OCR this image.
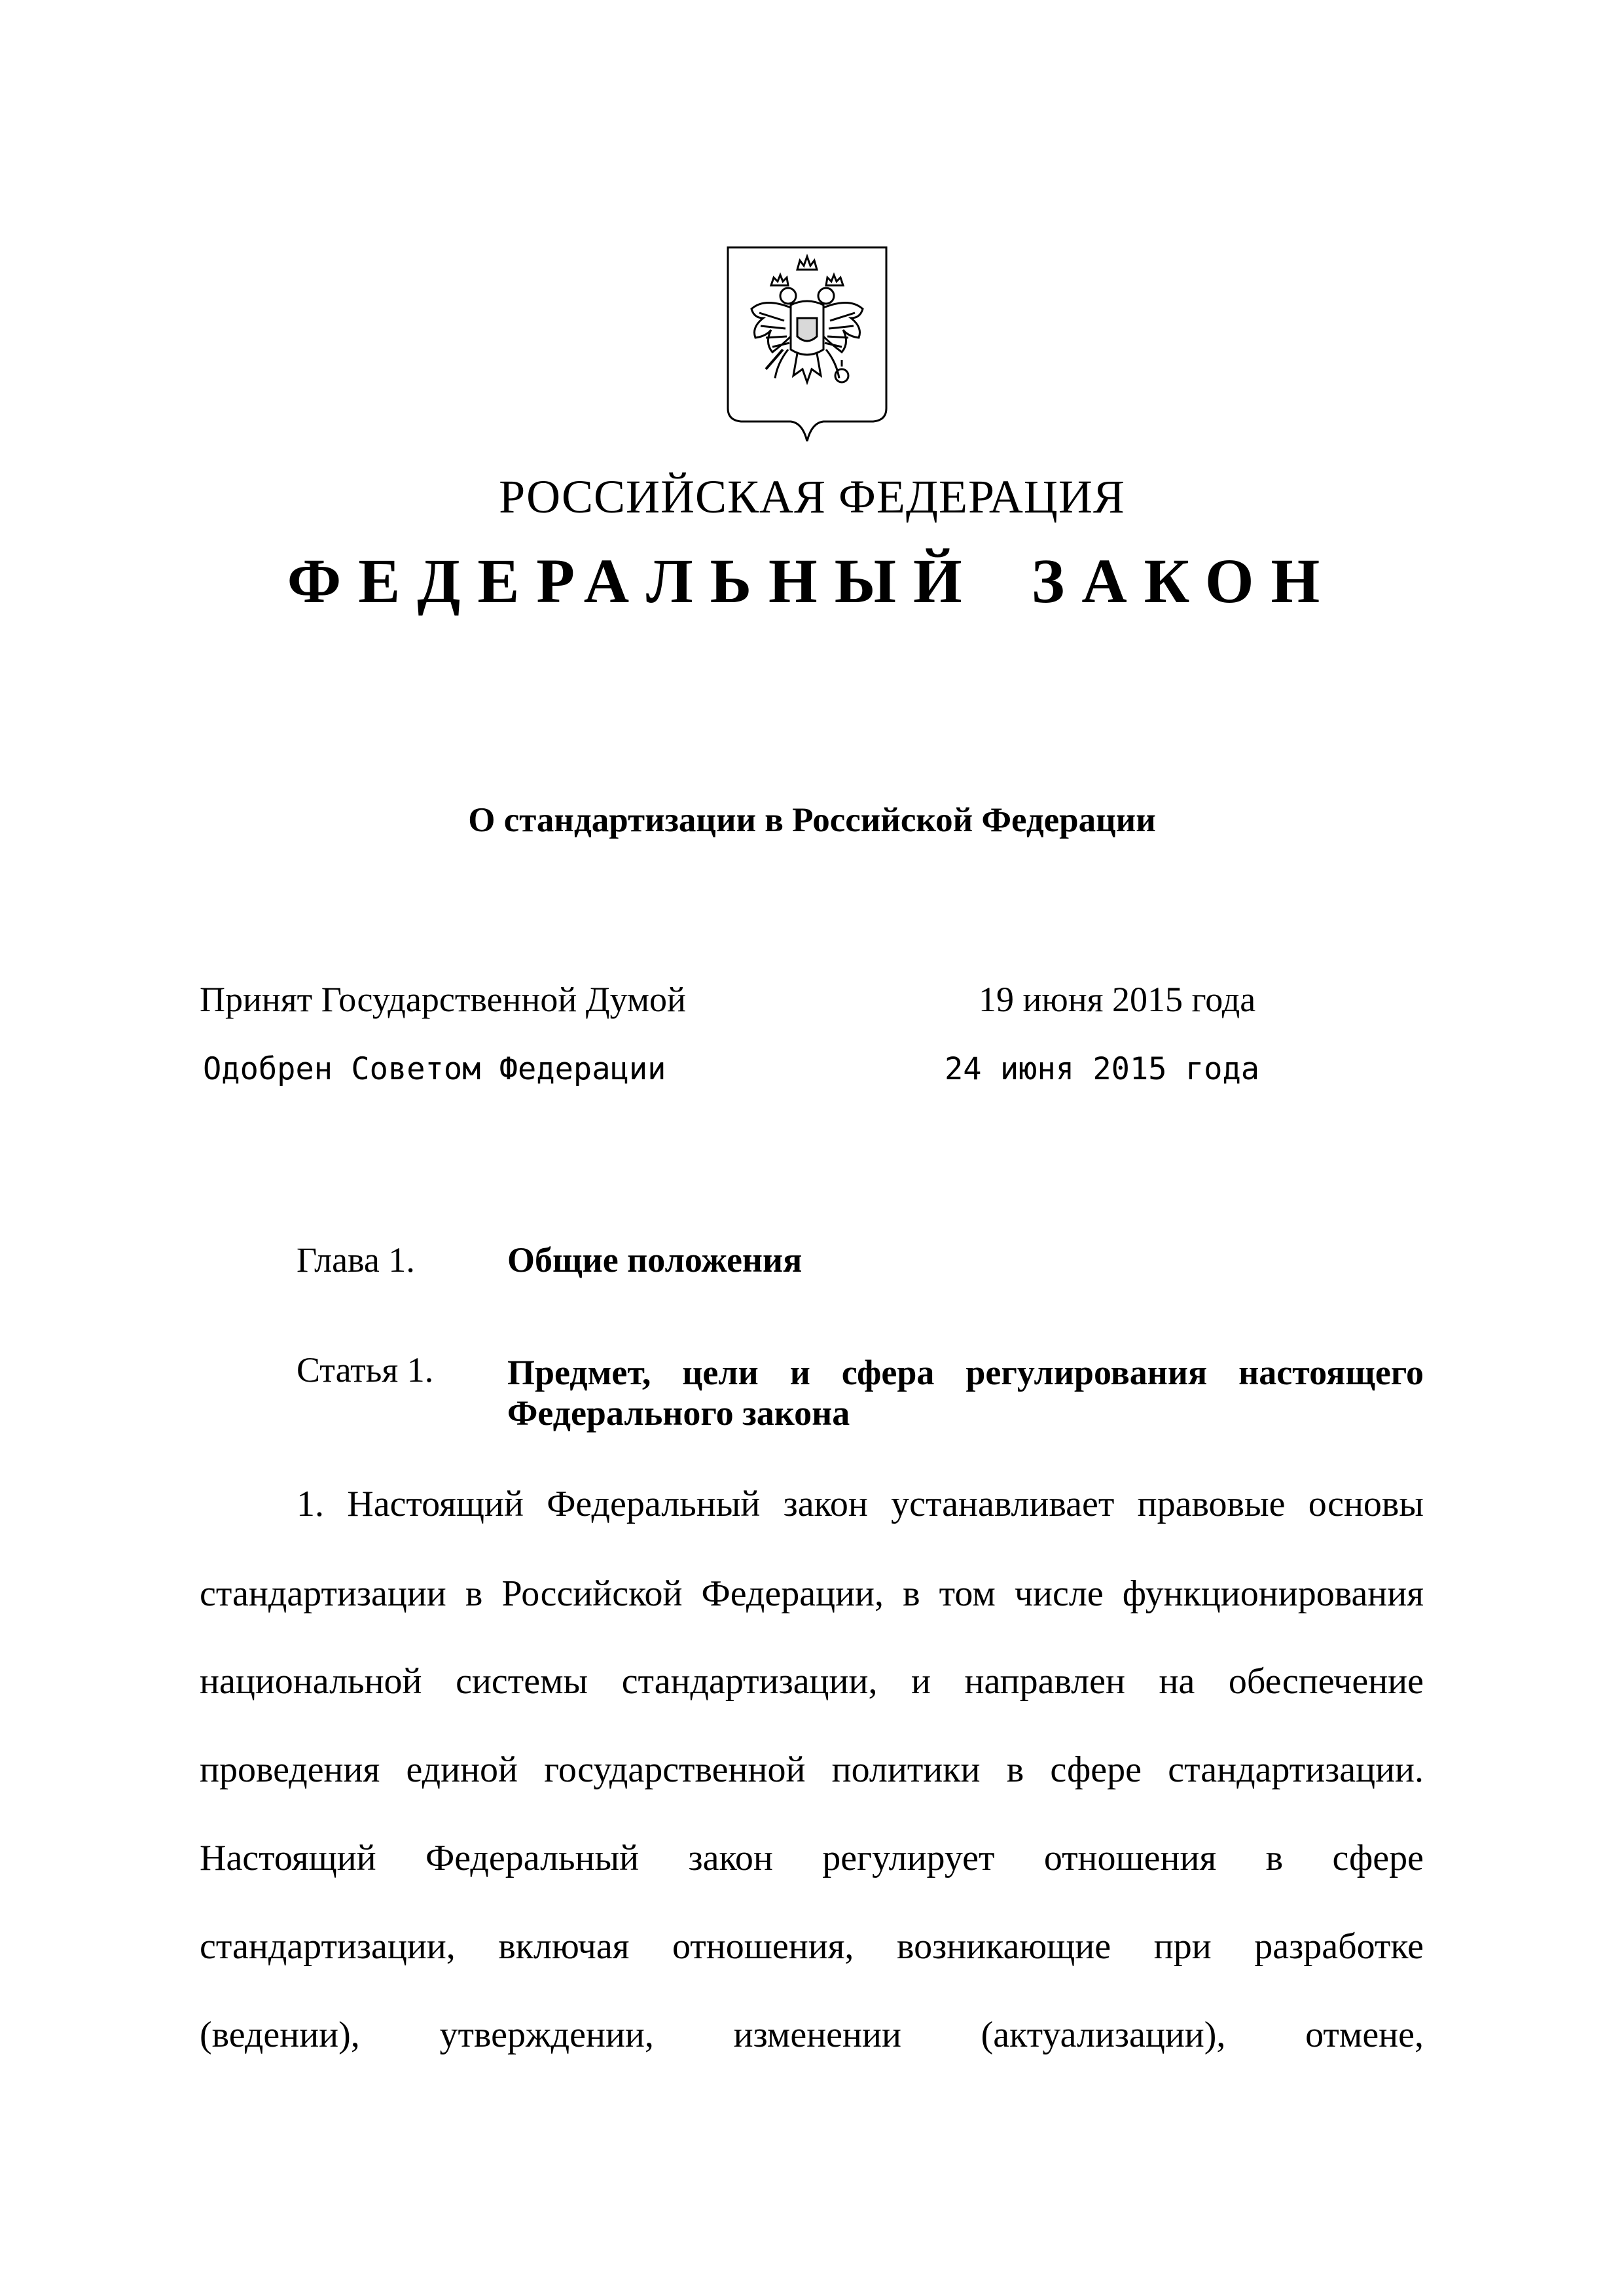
РОССИЙСКАЯ ФЕДЕРАЦИЯ
ФЕДЕРАЛЬНЫЙ ЗАКОН
О стандартизации в Российской Федерации
Принят Государственной Думой	19 июня 2015 года
Одобрен Советом Федерации	24 июня 2015 года
Глава 1.	Общие положения
Статья 1. Предмет, цели и сфера регулирования настоящего Федерального закона
1. Настоящий Федеральный закон устанавливает правовые основы
стандартизации в Российской Федерации, в том числе функционирования
национальной системы стандартизации, и направлен на обеспечение
проведения единой государственной политики в сфере стандартизации.
Настоящий Федеральный закон регулирует отношения в сфере
стандартизации, включая отношения, возникающие при разработке
(ведении), утверждении, изменении (актуализации), отмене,
